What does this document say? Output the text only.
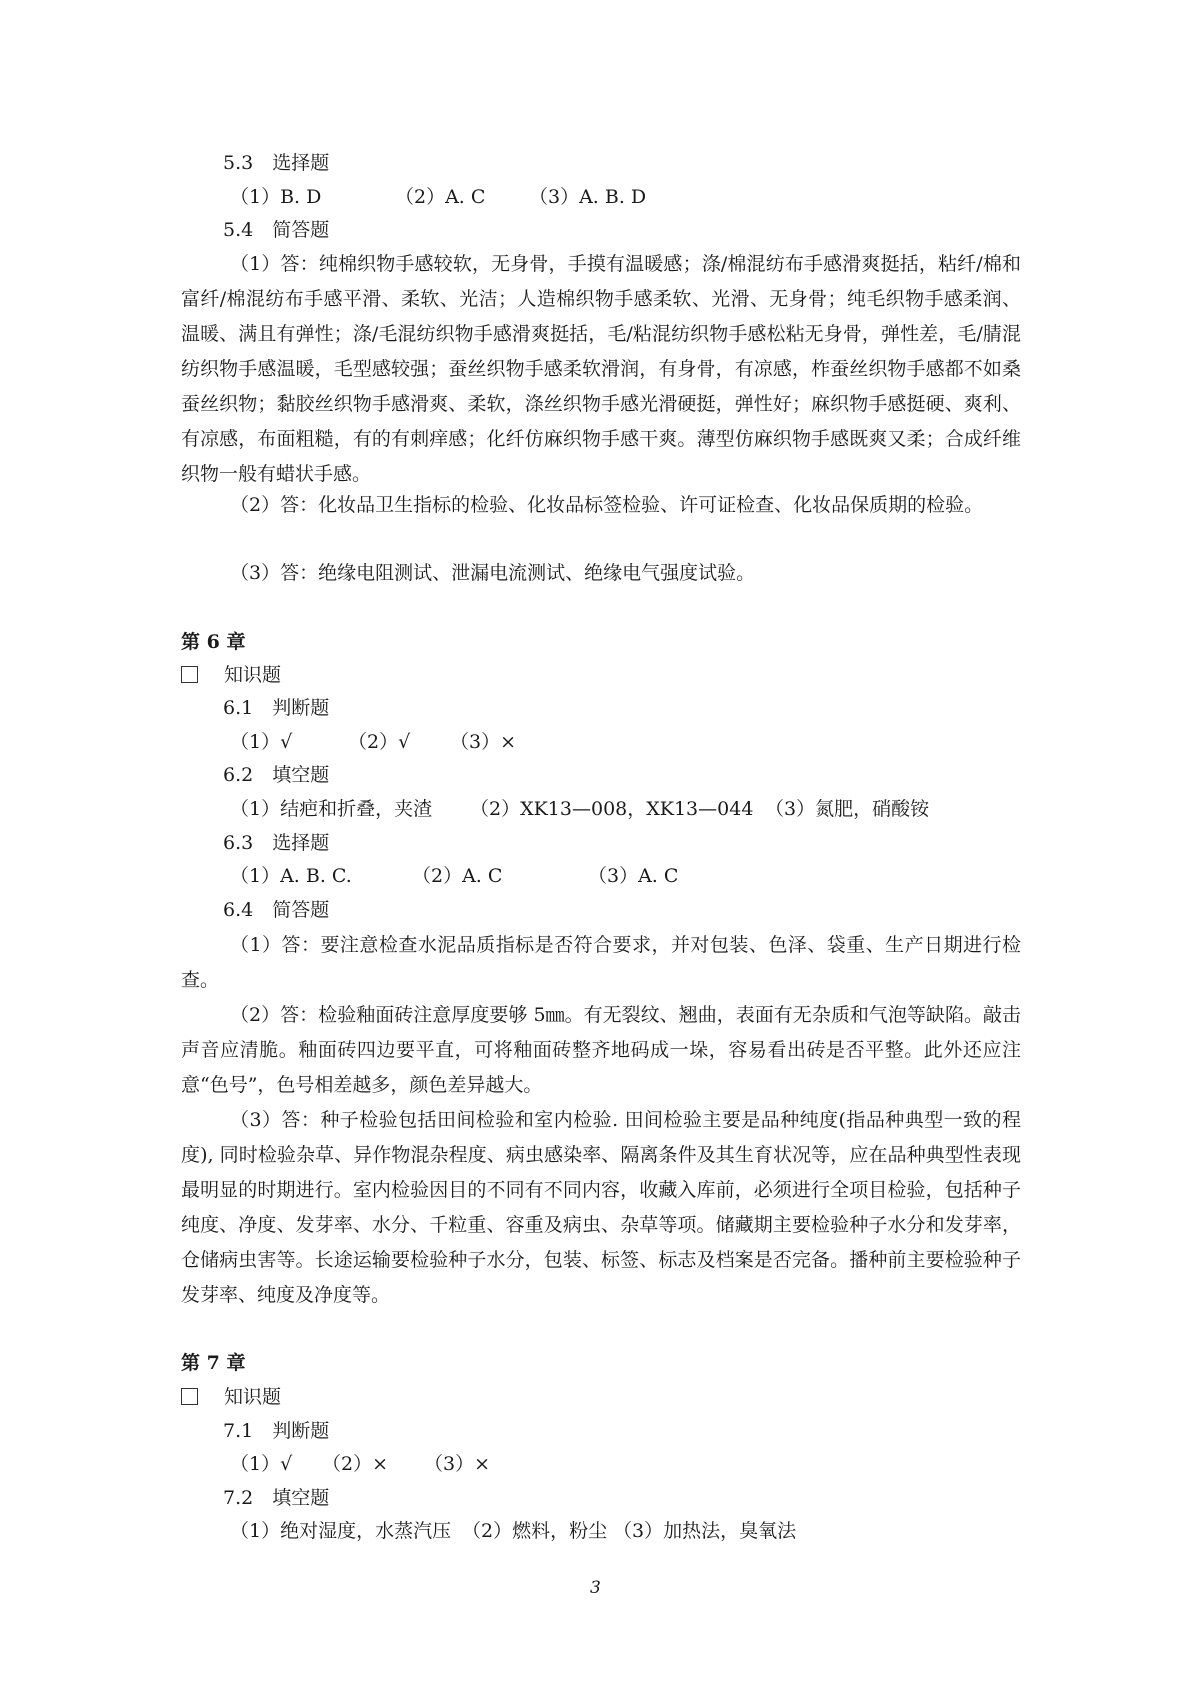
5.3　选择题
（1）B. D	（2）A. C （3）A. B. D
5.4　简答题
（1）答：纯棉织物手感较软，无身骨，手摸有温暖感；涤/棉混纺布手感滑爽挺括，粘纤/棉和富纤/棉混纺布手感平滑、柔软、光洁；人造棉织物手感柔软、光滑、无身骨；纯毛织物手感柔润、温暖、满且有弹性；涤/毛混纺织物手感滑爽挺括，毛/粘混纺织物手感松粘无身骨，弹性差，毛/腈混纺织物手感温暖，毛型感较强；蚕丝织物手感柔软滑润，有身骨，有凉感，柞蚕丝织物手感都不如桑蚕丝织物；黏胶丝织物手感滑爽、柔软，涤丝织物手感光滑硬挺，弹性好；麻织物手感挺硬、爽利、有凉感，布面粗糙，有的有刺痒感；化纤仿麻织物手感干爽。薄型仿麻织物手感既爽又柔；合成纤维织物一般有蜡状手感。
（2）答：化妆品卫生指标的检验、化妆品标签检验、许可证检查、化妆品保质期的检验。
（3）答：绝缘电阻测试、泄漏电流测试、绝缘电气强度试验。
第 6 章
知识题
6.1　判断题
（1）√	（2）√ （3）×
6.2　填空题
（1）结疤和折叠，夹渣 （2）XK13—008，XK13—044 （3）氮肥，硝酸铵
6.3　选择题
（1）A. B. C.	（2）A. C	（3）A. C
6.4　简答题
（1）答：要注意检查水泥品质指标是否符合要求，并对包装、色泽、袋重、生产日期进行检查。
（2）答：检验釉面砖注意厚度要够 5㎜。有无裂纹、翘曲，表面有无杂质和气泡等缺陷。敲击声音应清脆。釉面砖四边要平直，可将釉面砖整齐地码成一垛，容易看出砖是否平整。此外还应注意“色号”，色号相差越多，颜色差异越大。
（3）答：种子检验包括田间检验和室内检验. 田间检验主要是品种纯度(指品种典型一致的程度), 同时检验杂草、异作物混杂程度、病虫感染率、隔离条件及其生育状况等，应在品种典型性表现最明显的时期进行。室内检验因目的不同有不同内容，收藏入库前，必须进行全项目检验，包括种子纯度、净度、发芽率、水分、千粒重、容重及病虫、杂草等项。储藏期主要检验种子水分和发芽率，仓储病虫害等。长途运输要检验种子水分，包装、标签、标志及档案是否完备。播种前主要检验种子发芽率、纯度及净度等。
第 7 章
知识题
7.1　判断题
（1）√ （2）× （3）×
7.2　填空题
（1）绝对湿度，水蒸汽压 （2）燃料，粉尘 （3）加热法，臭氧法
3
